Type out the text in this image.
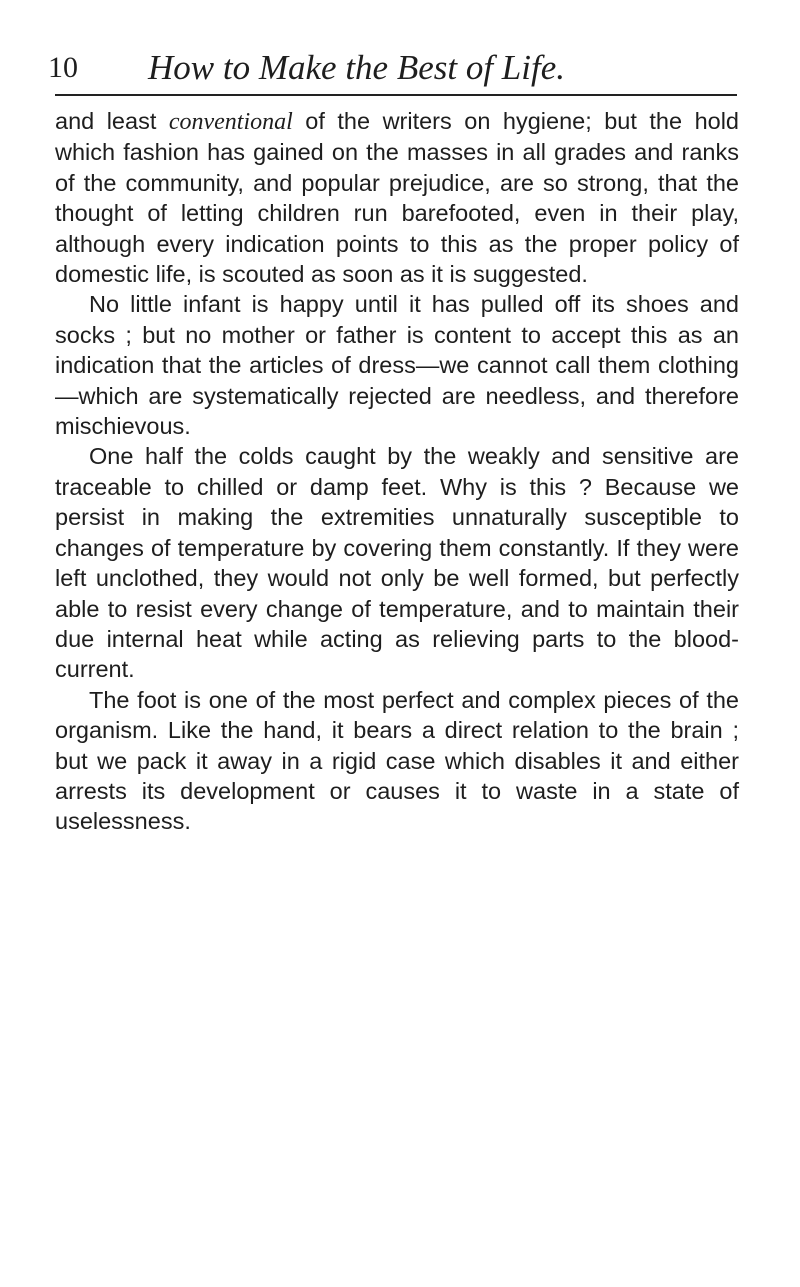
10 How to Make the Best of Life.

and least conventional of the writers on hygiene; but the hold which fashion has gained on the masses in all grades and ranks of the community, and popular prejudice, are so strong, that the thought of letting children run barefooted, even in their play, although every indication points to this as the proper policy of domestic life, is scouted as soon as it is suggested.

No little infant is happy until it has pulled off its shoes and socks ; but no mother or father is content to accept this as an indication that the articles of dress—we cannot call them clothing—which are systematically rejected are needless, and therefore mischievous.

One half the colds caught by the weakly and sensitive are traceable to chilled or damp feet. Why is this ? Because we persist in making the extremities unnaturally susceptible to changes of temperature by covering them constantly. If they were left unclothed, they would not only be well formed, but perfectly able to resist every change of temperature, and to maintain their due internal heat while acting as relieving parts to the blood-current.

The foot is one of the most perfect and complex pieces of the organism. Like the hand, it bears a direct relation to the brain ; but we pack it away in a rigid case which disables it and either arrests its development or causes it to waste in a state of uselessness.
